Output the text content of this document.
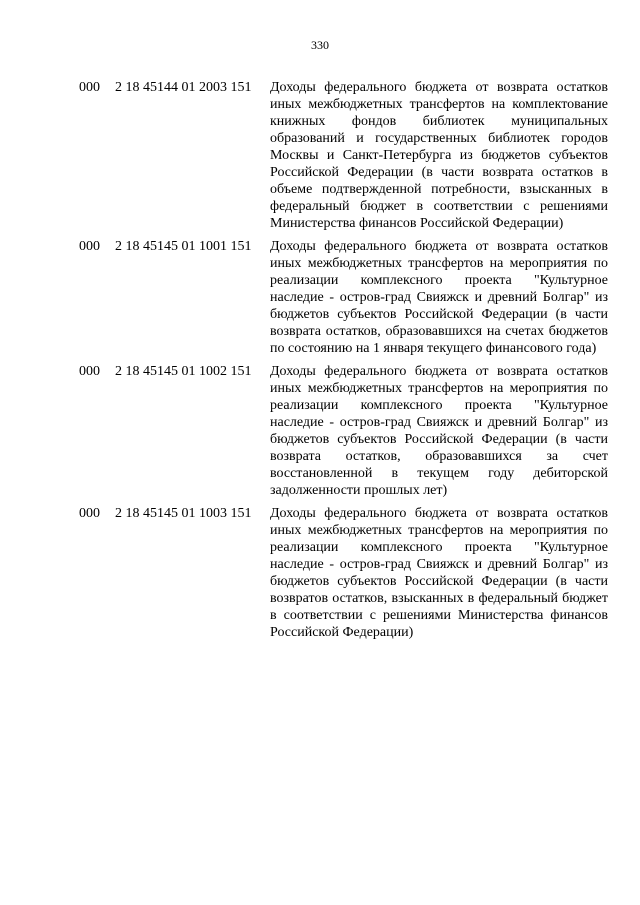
330
000 2 18 45144 01 2003 151 Доходы федерального бюджета от возврата остатков иных межбюджетных трансфертов на комплектование книжных фондов библиотек муниципальных образований и государственных библиотек городов Москвы и Санкт-Петербурга из бюджетов субъектов Российской Федерации (в части возврата остатков в объеме подтвержденной потребности, взысканных в федеральный бюджет в соответствии с решениями Министерства финансов Российской Федерации)
000 2 18 45145 01 1001 151 Доходы федерального бюджета от возврата остатков иных межбюджетных трансфертов на мероприятия по реализации комплексного проекта "Культурное наследие - остров-град Свияжск и древний Болгар" из бюджетов субъектов Российской Федерации (в части возврата остатков, образовавшихся на счетах бюджетов по состоянию на 1 января текущего финансового года)
000 2 18 45145 01 1002 151 Доходы федерального бюджета от возврата остатков иных межбюджетных трансфертов на мероприятия по реализации комплексного проекта "Культурное наследие - остров-град Свияжск и древний Болгар" из бюджетов субъектов Российской Федерации (в части возврата остатков, образовавшихся за счет восстановленной в текущем году дебиторской задолженности прошлых лет)
000 2 18 45145 01 1003 151 Доходы федерального бюджета от возврата остатков иных межбюджетных трансфертов на мероприятия по реализации комплексного проекта "Культурное наследие - остров-град Свияжск и древний Болгар" из бюджетов субъектов Российской Федерации (в части возвратов остатков, взысканных в федеральный бюджет в соответствии с решениями Министерства финансов Российской Федерации)
